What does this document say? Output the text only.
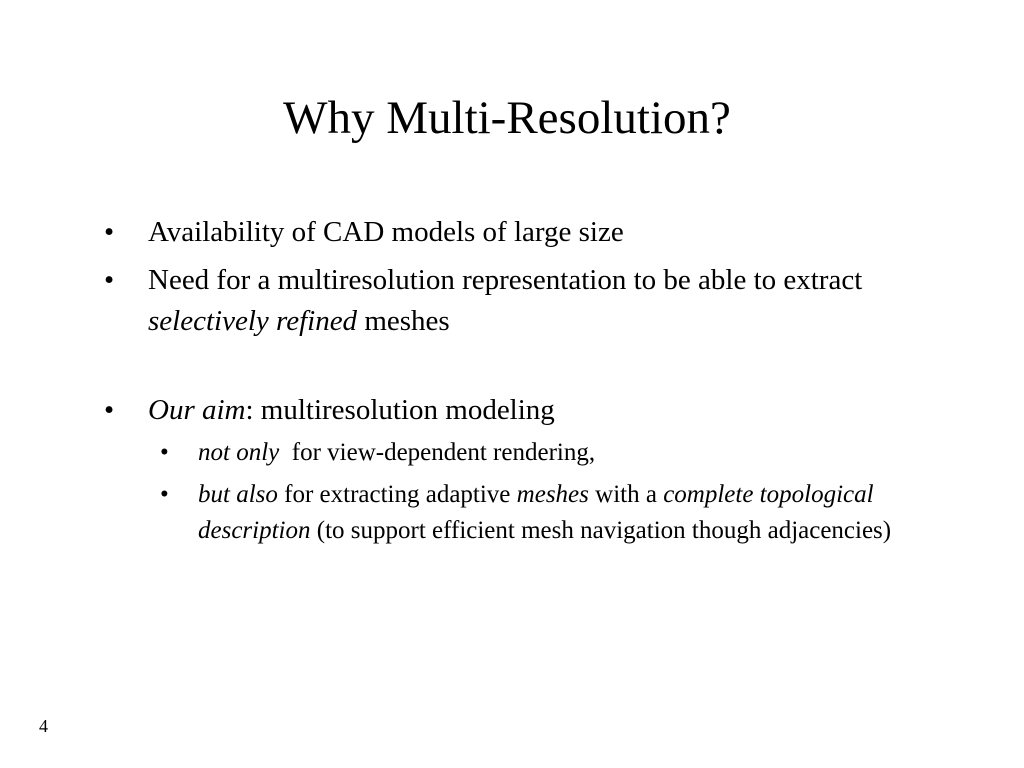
Why Multi-Resolution?
• Availability of CAD models of large size
• Need for a multiresolution representation to be able to extract selectively refined meshes
• Our aim: multiresolution modeling
• not only  for view-dependent rendering,
• but also for extracting adaptive meshes with a complete topological description (to support efficient mesh navigation though adjacencies)
4
